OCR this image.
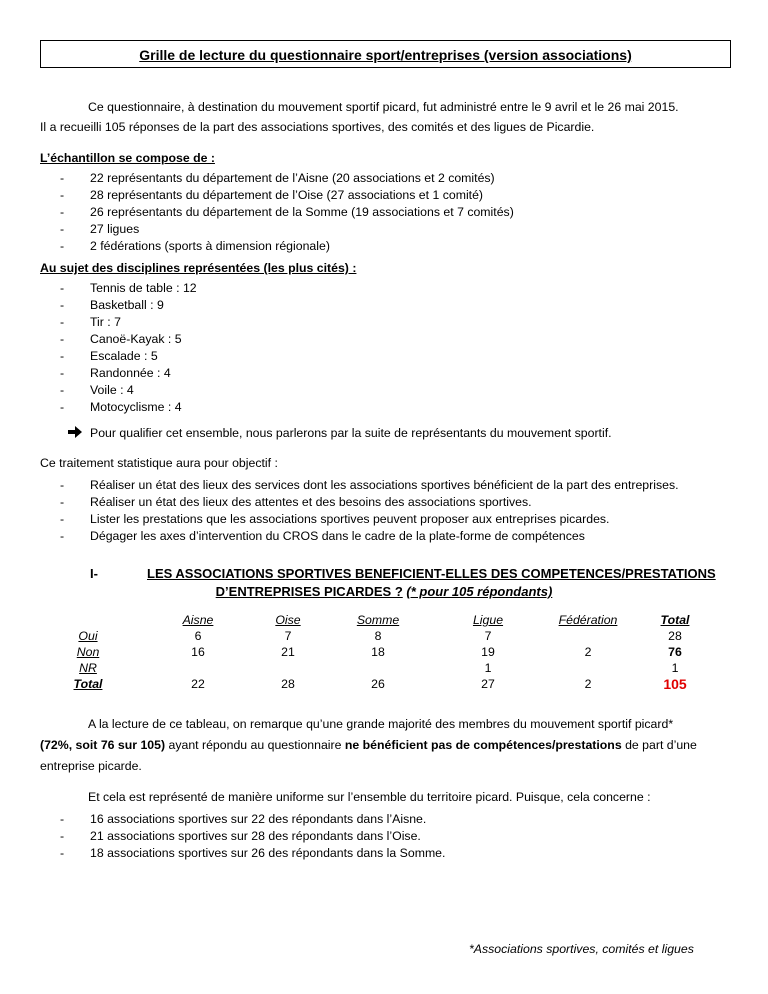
Grille de lecture du questionnaire sport/entreprises (version associations)
Ce questionnaire, à destination du mouvement sportif picard, fut administré entre le 9 avril et le 26 mai 2015.
Il a recueilli 105 réponses de la part des associations sportives, des comités et des ligues de Picardie.
L’échantillon se compose de :
- 22 représentants du département de l’Aisne (20 associations et 2 comités)
- 28 représentants du département de l’Oise (27 associations et 1 comité)
- 26 représentants du département de la Somme (19 associations et 7 comités)
- 27 ligues
- 2 fédérations (sports à dimension régionale)
Au sujet des disciplines représentées (les plus cités) :
- Tennis de table : 12
- Basketball : 9
- Tir : 7
- Canoë-Kayak : 5
- Escalade : 5
- Randonnée : 4
- Voile : 4
- Motocyclisme : 4
Pour qualifier cet ensemble, nous parlerons par la suite de représentants du mouvement sportif.
Ce traitement statistique aura pour objectif :
- Réaliser un état des lieux des services dont les associations sportives bénéficient de la part des entreprises.
- Réaliser un état des lieux des attentes et des besoins des associations sportives.
- Lister les prestations que les associations sportives peuvent proposer aux entreprises picardes.
- Dégager les axes d’intervention du CROS dans le cadre de la plate-forme de compétences
I-	LES ASSOCIATIONS SPORTIVES BENEFICIENT-ELLES DES COMPETENCES/PRESTATIONS
D’ENTREPRISES PICARDES ? (* pour 105 répondants)
Oui
Non
NR
Total
Aisne
6
16
22
Oise
7
21
28
Somme
8
18
26
Ligue
7
19
1
27
Fédération
2
2
Total
28
76
1
105
A la lecture de ce tableau, on remarque qu’une grande majorité des membres du mouvement sportif picard*
(72%, soit 76 sur 105) ayant répondu au questionnaire ne bénéficient pas de compétences/prestations de part d’une
entreprise picarde.
Et cela est représenté de manière uniforme sur l’ensemble du territoire picard. Puisque, cela concerne :
- 16 associations sportives sur 22 des répondants dans l’Aisne.
- 21 associations sportives sur 28 des répondants dans l’Oise.
- 18 associations sportives sur 26 des répondants dans la Somme.
*Associations sportives, comités et ligues
